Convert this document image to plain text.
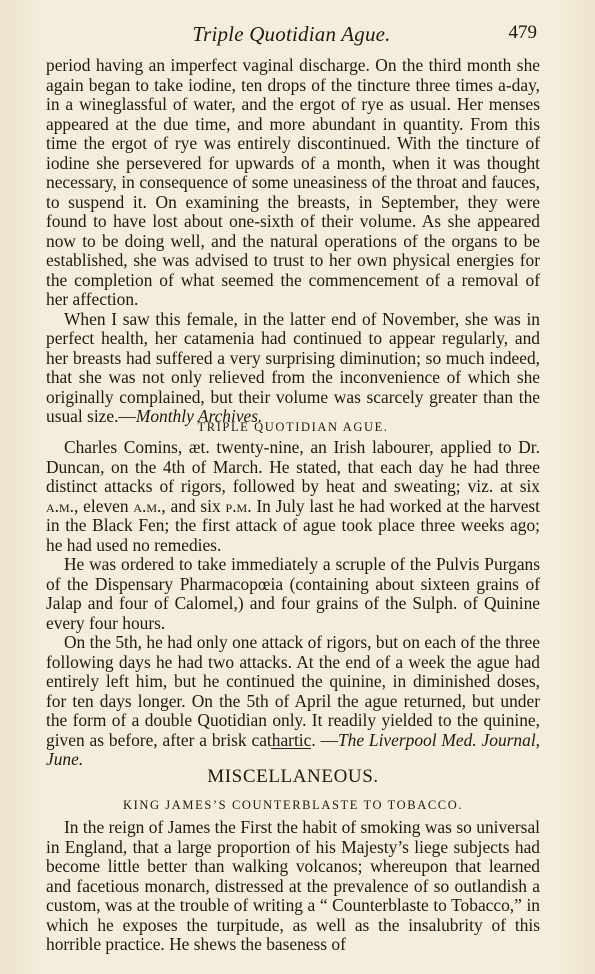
Triple Quotidian Ague.	479

period having an imperfect vaginal discharge. On the third month she again began to take iodine, ten drops of the tincture three times a-day, in a wineglassful of water, and the ergot of rye as usual. Her menses appeared at the due time, and more abundant in quantity. From this time the ergot of rye was entirely discontinued. With the tincture of iodine she persevered for upwards of a month, when it was thought necessary, in consequence of some uneasiness of the throat and fauces, to suspend it. On examining the breasts, in September, they were found to have lost about one-sixth of their volume. As she appeared now to be doing well, and the natural operations of the organs to be established, she was advised to trust to her own physical energies for the completion of what seemed the commencement of a removal of her affection.

When I saw this female, in the latter end of November, she was in perfect health, her catamenia had continued to appear regularly, and her breasts had suffered a very surprising diminution; so much indeed, that she was not only relieved from the inconvenience of which she originally complained, but their volume was scarcely greater than the usual size.—Monthly Archives.

TRIPLE QUOTIDIAN AGUE.

Charles Comins, æt. twenty-nine, an Irish labourer, applied to Dr. Duncan, on the 4th of March. He stated, that each day he had three distinct attacks of rigors, followed by heat and sweating; viz. at six a.m., eleven a.m., and six p.m. In July last he had worked at the harvest in the Black Fen; the first attack of ague took place three weeks ago; he had used no remedies.

He was ordered to take immediately a scruple of the Pulvis Purgans of the Dispensary Pharmacopœia (containing about sixteen grains of Jalap and four of Calomel,) and four grains of the Sulph. of Quinine every four hours.

On the 5th, he had only one attack of rigors, but on each of the three following days he had two attacks. At the end of a week the ague had entirely left him, but he continued the quinine, in diminished doses, for ten days longer. On the 5th of April the ague returned, but under the form of a double Quotidian only. It readily yielded to the quinine, given as before, after a brisk cathartic. —The Liverpool Med. Journal, June.

MISCELLANEOUS.
KING JAMES’S COUNTERBLASTE TO TOBACCO.

In the reign of James the First the habit of smoking was so universal in England, that a large proportion of his Majesty’s liege subjects had become little better than walking volcanos; whereupon that learned and facetious monarch, distressed at the prevalence of so outlandish a custom, was at the trouble of writing a “ Counterblaste to Tobacco,” in which he exposes the turpitude, as well as the insalubrity of this horrible practice. He shews the baseness of
